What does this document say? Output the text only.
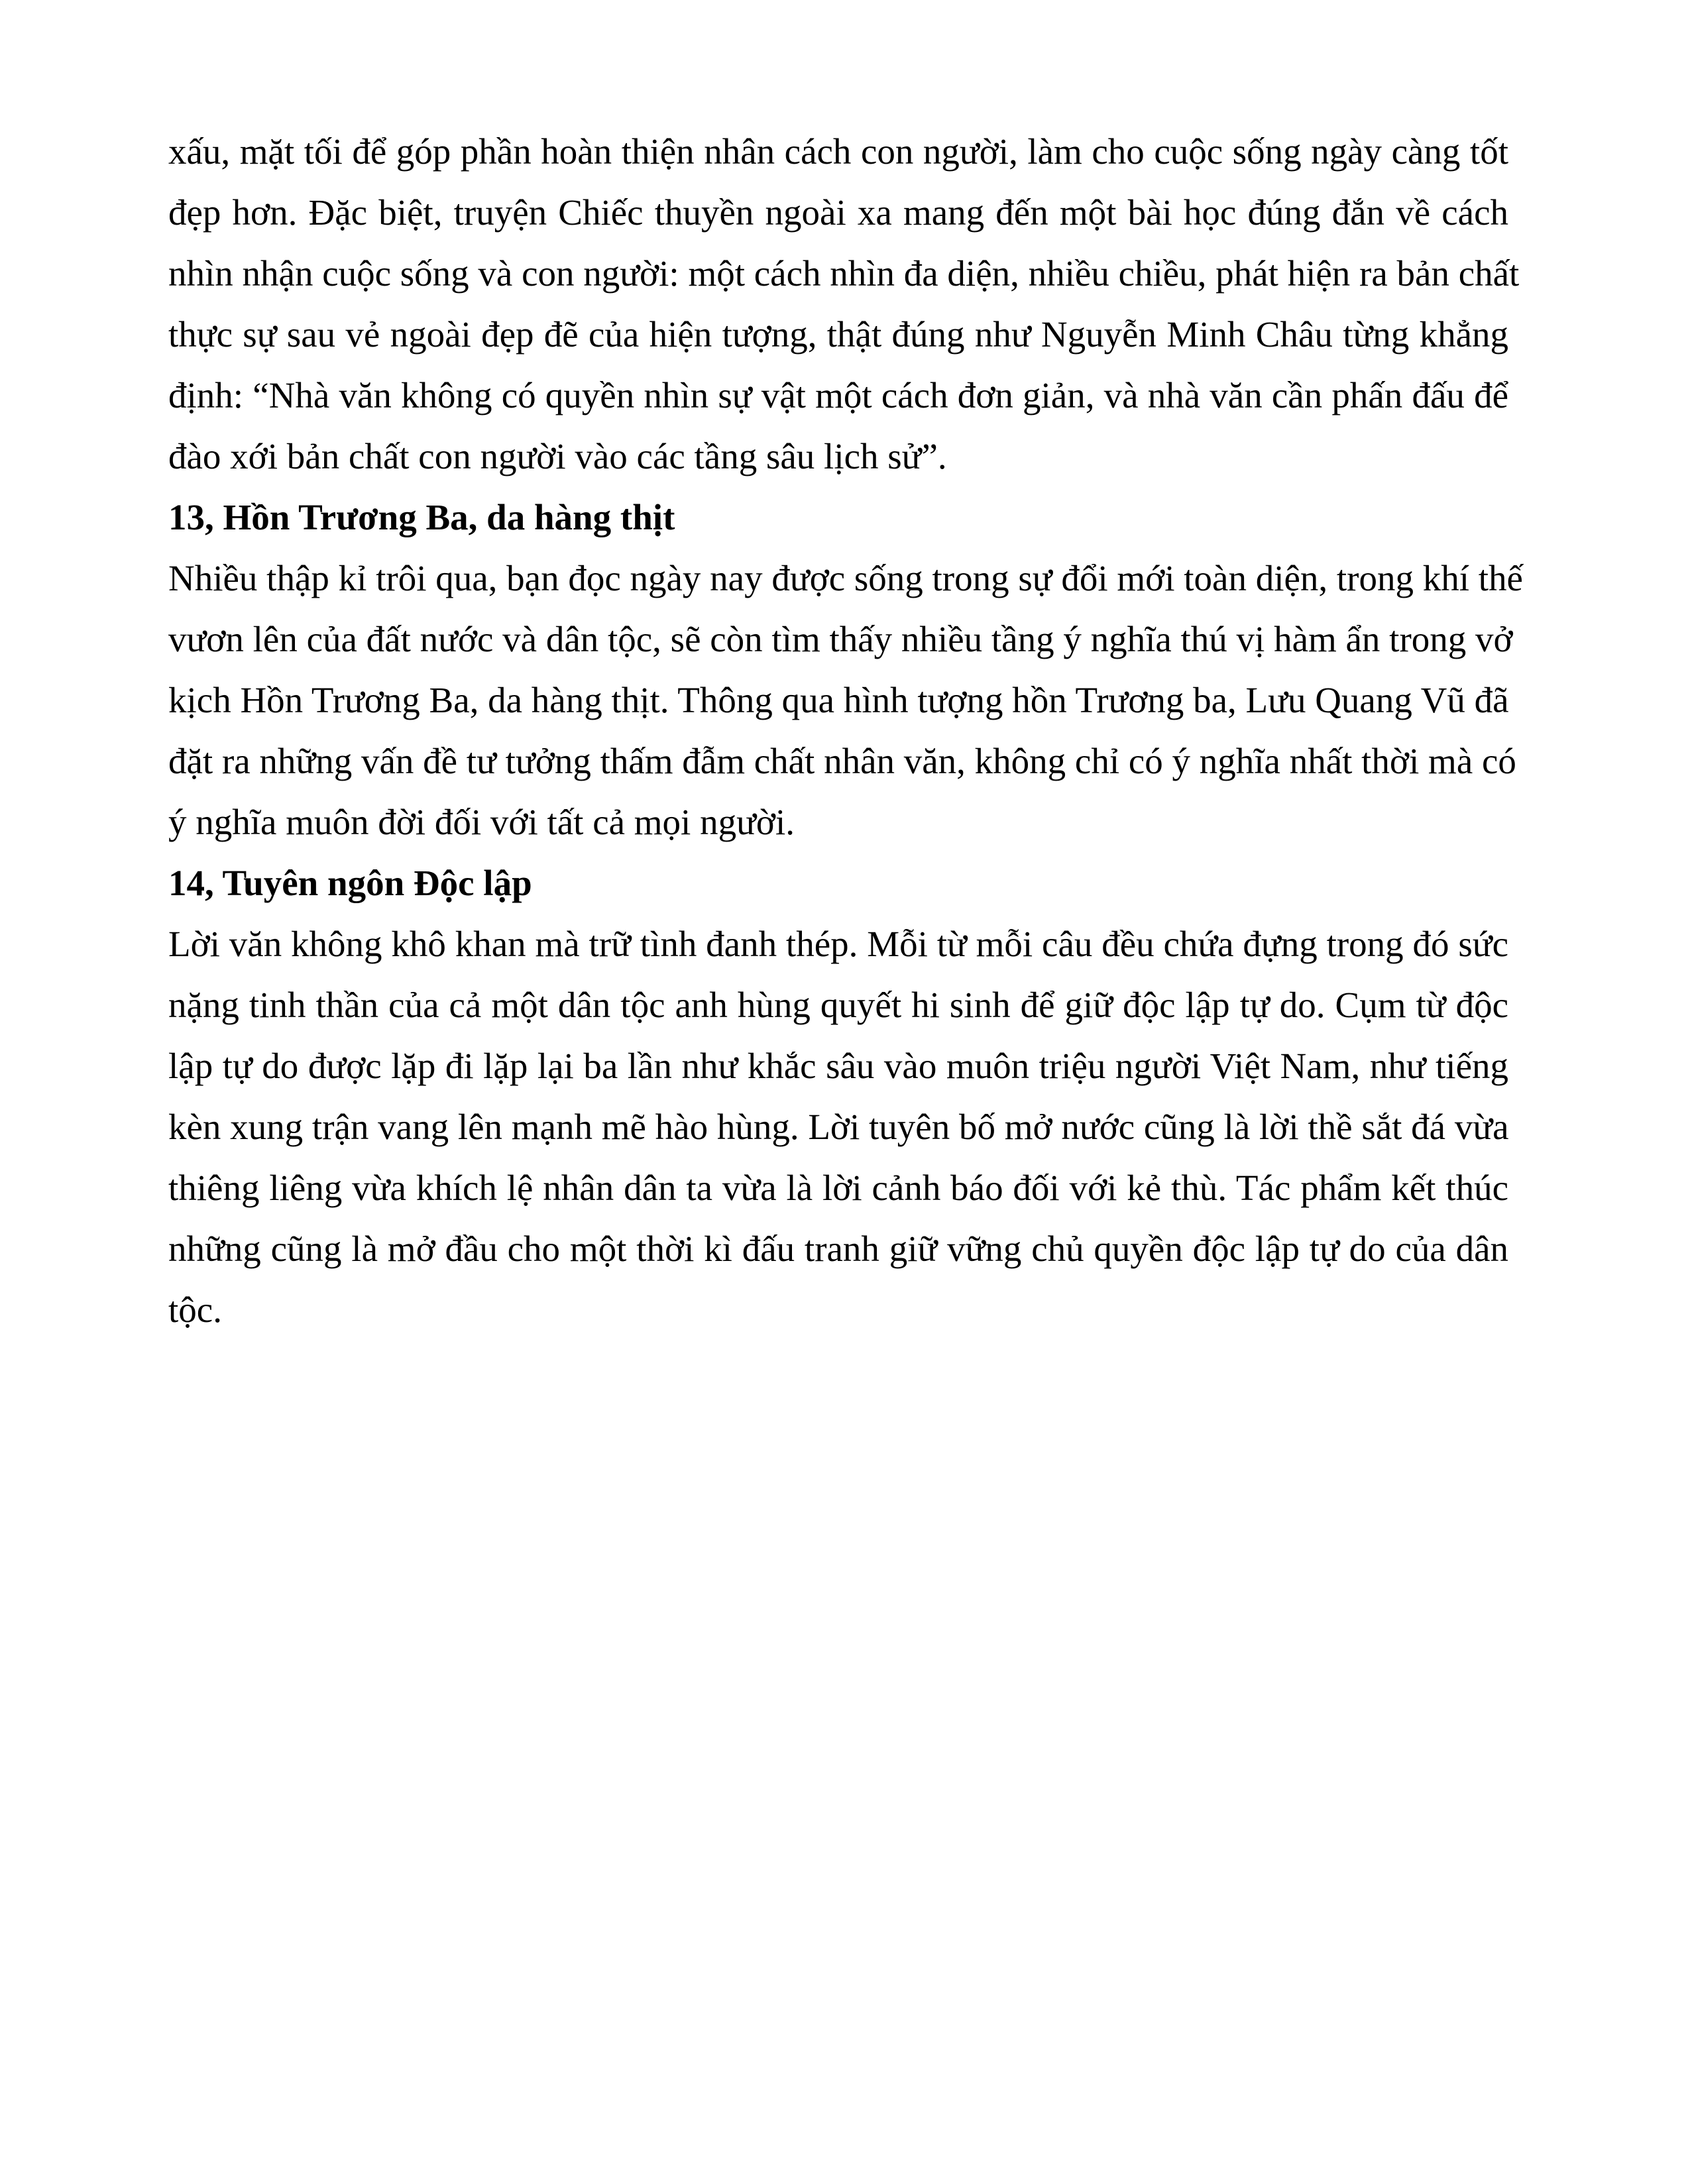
xấu, mặt tối để góp phần hoàn thiện nhân cách con người, làm cho cuộc sống ngày càng tốt
đẹp hơn. Đặc biệt, truyện Chiếc thuyền ngoài xa mang đến một bài học đúng đắn về cách
nhìn nhận cuộc sống và con người: một cách nhìn đa diện, nhiều chiều, phát hiện ra bản chất
thực sự sau vẻ ngoài đẹp đẽ của hiện tượng, thật đúng như Nguyễn Minh Châu từng khẳng
định: “Nhà văn không có quyền nhìn sự vật một cách đơn giản, và nhà văn cần phấn đấu để
đào xới bản chất con người vào các tầng sâu lịch sử”.
13, Hồn Trương Ba, da hàng thịt
Nhiều thập kỉ trôi qua, bạn đọc ngày nay được sống trong sự đổi mới toàn diện, trong khí thế
vươn lên của đất nước và dân tộc, sẽ còn tìm thấy nhiều tầng ý nghĩa thú vị hàm ẩn trong vở
kịch Hồn Trương Ba, da hàng thịt. Thông qua hình tượng hồn Trương ba, Lưu Quang Vũ đã
đặt ra những vấn đề tư tưởng thấm đẫm chất nhân văn, không chỉ có ý nghĩa nhất thời mà có
ý nghĩa muôn đời đối với tất cả mọi người.
14, Tuyên ngôn Độc lập
Lời văn không khô khan mà trữ tình đanh thép. Mỗi từ mỗi câu đều chứa đựng trong đó sức
nặng tinh thần của cả một dân tộc anh hùng quyết hi sinh để giữ độc lập tự do. Cụm từ độc
lập tự do được lặp đi lặp lại ba lần như khắc sâu vào muôn triệu người Việt Nam, như tiếng
kèn xung trận vang lên mạnh mẽ hào hùng. Lời tuyên bố mở nước cũng là lời thề sắt đá vừa
thiêng liêng vừa khích lệ nhân dân ta vừa là lời cảnh báo đối với kẻ thù. Tác phẩm kết thúc
những cũng là mở đầu cho một thời kì đấu tranh giữ vững chủ quyền độc lập tự do của dân
tộc.
